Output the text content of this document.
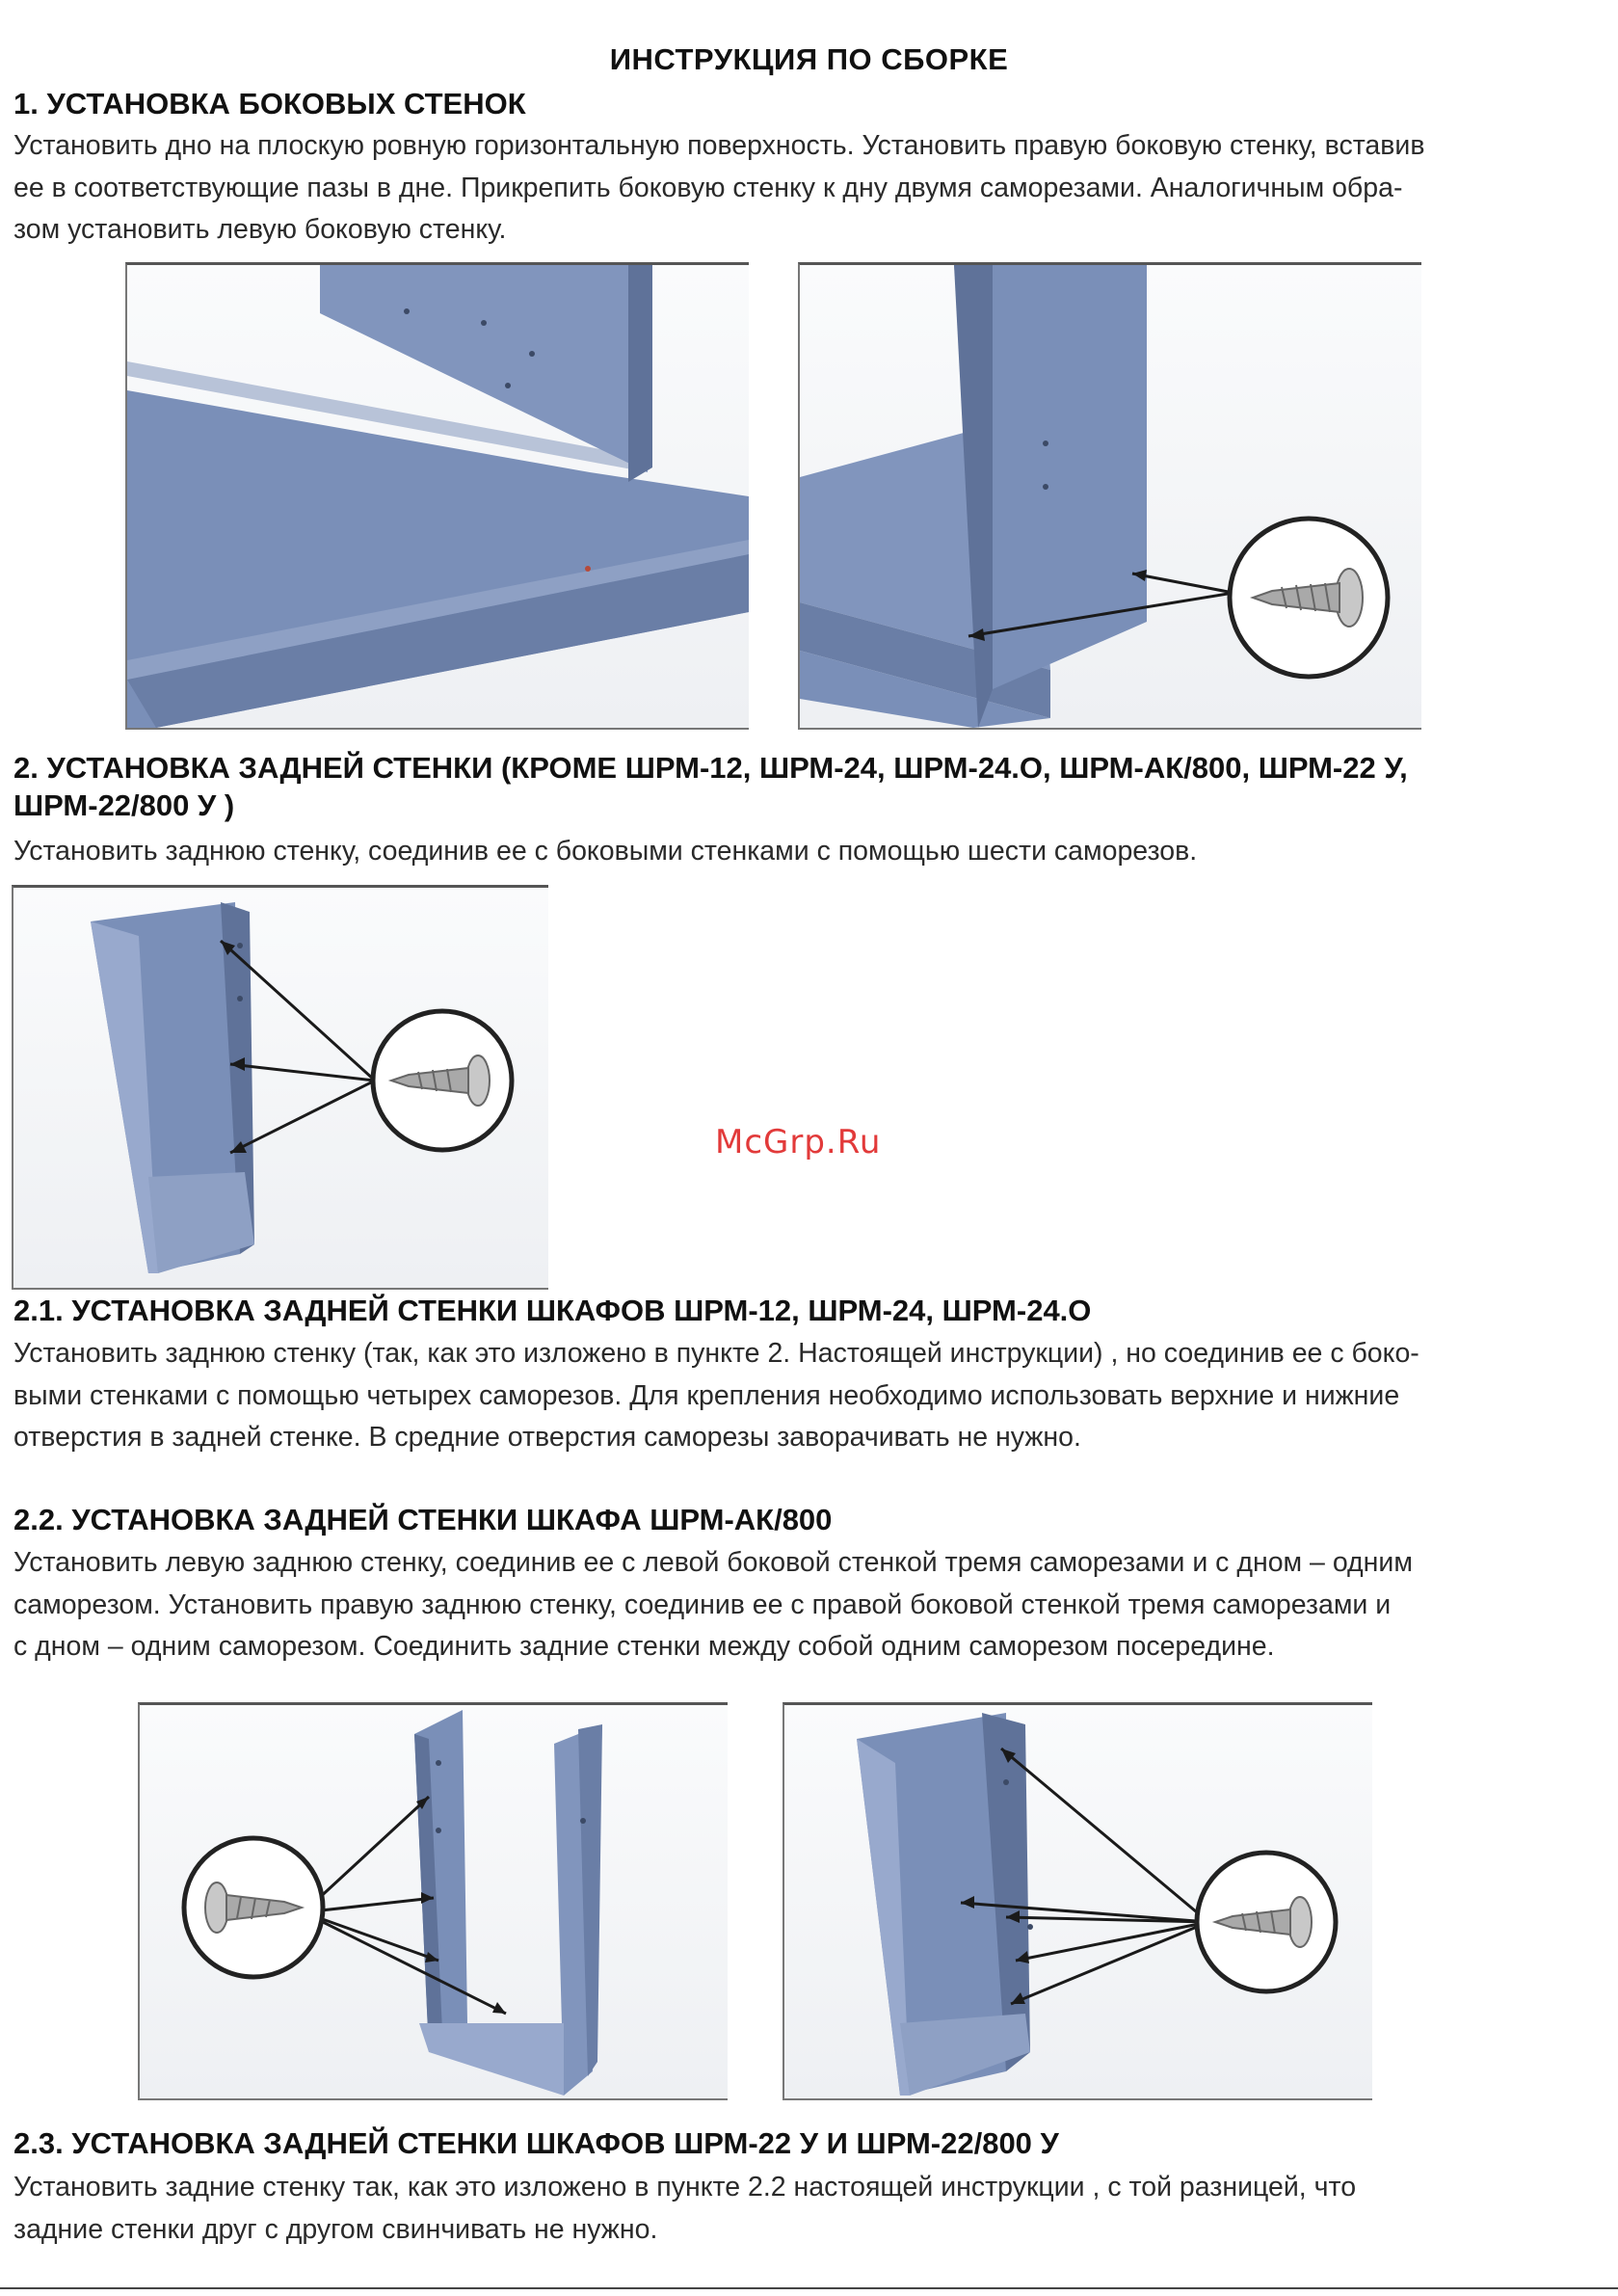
ИНСТРУКЦИЯ ПО СБОРКЕ
1. УСТАНОВКА БОКОВЫХ СТЕНОК
Установить дно на плоскую ровную горизонтальную поверхность. Установить правую боковую стенку, вставив
ее в соответствующие пазы в дне. Прикрепить боковую стенку к дну двумя саморезами. Аналогичным обра-
зом установить левую боковую стенку.
2. УСТАНОВКА ЗАДНЕЙ СТЕНКИ (КРОМЕ ШРМ-12, ШРМ-24, ШРМ-24.О, ШРМ-АК/800, ШРМ-22 У,
ШРМ-22/800 У )
Установить заднюю стенку, соединив ее с боковыми стенками с помощью шести саморезов.
McGrp.Ru
2.1. УСТАНОВКА ЗАДНЕЙ СТЕНКИ ШКАФОВ ШРМ-12, ШРМ-24, ШРМ-24.О
Установить заднюю стенку (так, как это изложено в пункте 2. Настоящей инструкции) , но соединив ее с боко-
выми стенками с помощью четырех саморезов. Для крепления необходимо использовать верхние и нижние
отверстия в задней стенке. В средние отверстия саморезы заворачивать не нужно.
2.2. УСТАНОВКА ЗАДНЕЙ СТЕНКИ ШКАФА ШРМ-АК/800
Установить левую заднюю стенку, соединив ее с левой боковой стенкой тремя саморезами и с дном – одним
саморезом. Установить правую заднюю стенку, соединив ее с правой боковой стенкой тремя саморезами и
с дном – одним саморезом. Соединить задние стенки между собой одним саморезом посередине.
2.3. УСТАНОВКА ЗАДНЕЙ СТЕНКИ ШКАФОВ ШРМ-22 У И ШРМ-22/800 У
Установить задние стенку так, как это изложено в пункте 2.2 настоящей инструкции , с той разницей, что
задние стенки друг с другом свинчивать не нужно.
